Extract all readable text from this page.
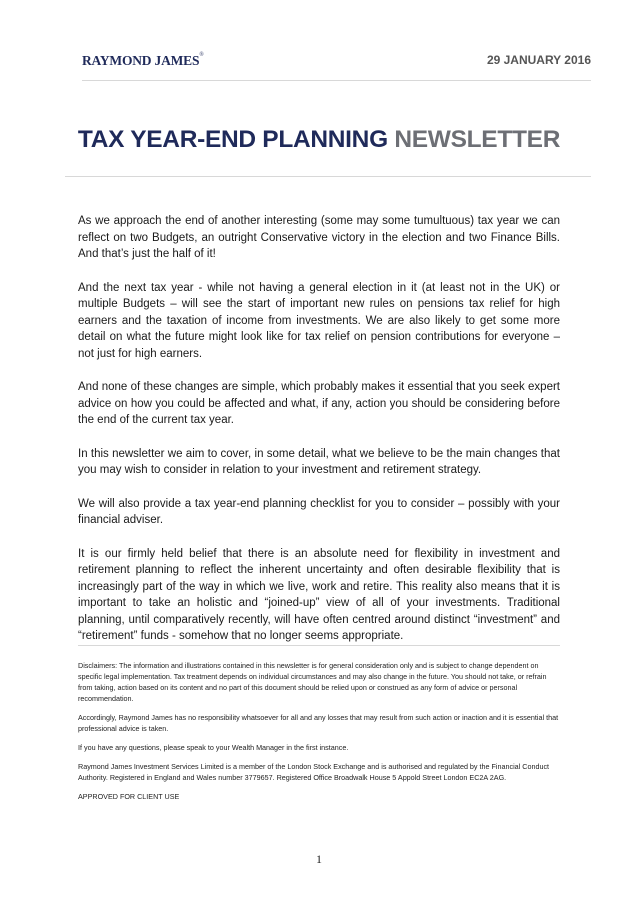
RAYMOND JAMES®	29 JANUARY 2016
TAX YEAR-END PLANNING NEWSLETTER

As we approach the end of another interesting (some may some tumultuous) tax year we can reflect on two Budgets, an outright Conservative victory in the election and two Finance Bills. And that’s just the half of it!

And the next tax year - while not having a general election in it (at least not in the UK) or multiple Budgets – will see the start of important new rules on pensions tax relief for high earners and the taxation of income from investments. We are also likely to get some more detail on what the future might look like for tax relief on pension contributions for everyone – not just for high earners.

And none of these changes are simple, which probably makes it essential that you seek expert advice on how you could be affected and what, if any, action you should be considering before the end of the current tax year.

In this newsletter we aim to cover, in some detail, what we believe to be the main changes that you may wish to consider in relation to your investment and retirement strategy.

We will also provide a tax year-end planning checklist for you to consider – possibly with your financial adviser.

It is our firmly held belief that there is an absolute need for flexibility in investment and retirement planning to reflect the inherent uncertainty and often desirable flexibility that is increasingly part of the way in which we live, work and retire. This reality also means that it is important to take an holistic and “joined-up” view of all of your investments. Traditional planning, until comparatively recently, will have often centred around distinct “investment” and “retirement” funds - somehow that no longer seems appropriate.

Disclaimers: The information and illustrations contained in this newsletter is for general consideration only and is subject to change dependent on specific legal implementation. Tax treatment depends on individual circumstances and may also change in the future. You should not take, or refrain from taking, action based on its content and no part of this document should be relied upon or construed as any form of advice or personal recommendation.

Accordingly, Raymond James has no responsibility whatsoever for all and any losses that may result from such action or inaction and it is essential that professional advice is taken.

If you have any questions, please speak to your Wealth Manager in the first instance.

Raymond James Investment Services Limited is a member of the London Stock Exchange and is authorised and regulated by the Financial Conduct Authority. Registered in England and Wales number 3779657. Registered Office Broadwalk House 5 Appold Street London EC2A 2AG.

APPROVED FOR CLIENT USE

1
